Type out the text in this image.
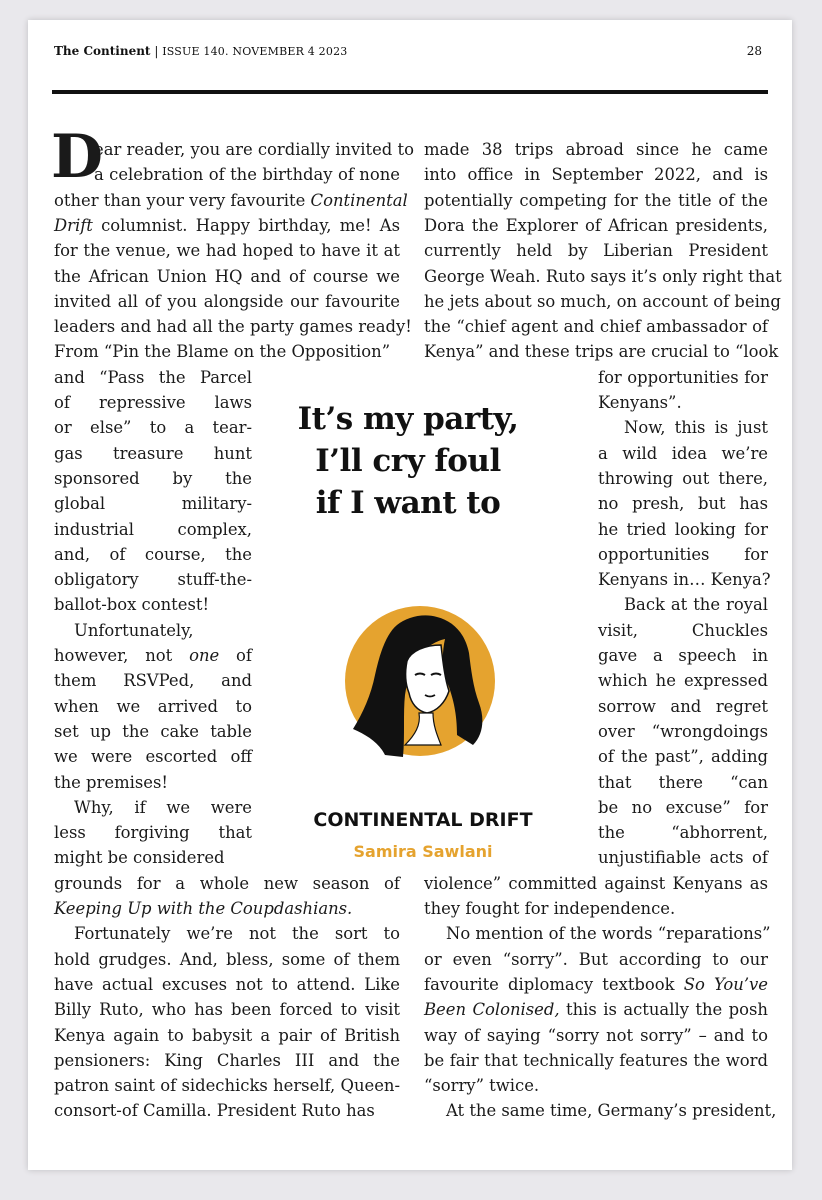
The Continent | ISSUE 140. NOVEMBER 4 2023	28
D
ear reader, you are cordially invited to
a celebration of the birthday of none
other than your very favourite Continental
Drift columnist. Happy birthday, me! As
for the venue, we had hoped to have it at
the African Union HQ and of course we
invited all of you alongside our favourite
leaders and had all the party games ready!
From “Pin the Blame on the Opposition”
and “Pass the Parcel
of repressive laws
or else” to a tear-
gas treasure hunt
sponsored by the
global military-
industrial complex,
and, of course, the
obligatory stuff-the-
ballot-box contest!
Unfortunately,
however, not one of
them RSVPed, and
when we arrived to
set up the cake table
we were escorted off
the premises!
Why, if we were
less forgiving that
might be considered
grounds for a whole new season of
Keeping Up with the Coupdashians.
Fortunately we’re not the sort to
hold grudges. And, bless, some of them
have actual excuses not to attend. Like
Billy Ruto, who has been forced to visit
Kenya again to babysit a pair of British
pensioners: King Charles III and the
patron saint of sidechicks herself, Queen-
consort-of Camilla. President Ruto has
made 38 trips abroad since he came
into office in September 2022, and is
potentially competing for the title of the
Dora the Explorer of African presidents,
currently held by Liberian President
George Weah. Ruto says it’s only right that
he jets about so much, on account of being
the “chief agent and chief ambassador of
Kenya” and these trips are crucial to “look
for opportunities for
Kenyans”.
Now, this is just
a wild idea we’re
throwing out there,
no presh, but has
he tried looking for
opportunities for
Kenyans in… Kenya?
Back at the royal
visit, Chuckles
gave a speech in
which he expressed
sorrow and regret
over “wrongdoings
of the past”, adding
that there “can
be no excuse” for
the “abhorrent,
unjustifiable acts of
violence” committed against Kenyans as
they fought for independence.
No mention of the words “reparations”
or even “sorry”. But according to our
favourite diplomacy textbook So You’ve
Been Colonised, this is actually the posh
way of saying “sorry not sorry” – and to
be fair that technically features the word
“sorry” twice.
At the same time, Germany’s president,
It’s my party,
I’ll cry foul
if I want to
CONTINENTAL DRIFT
Samira Sawlani
